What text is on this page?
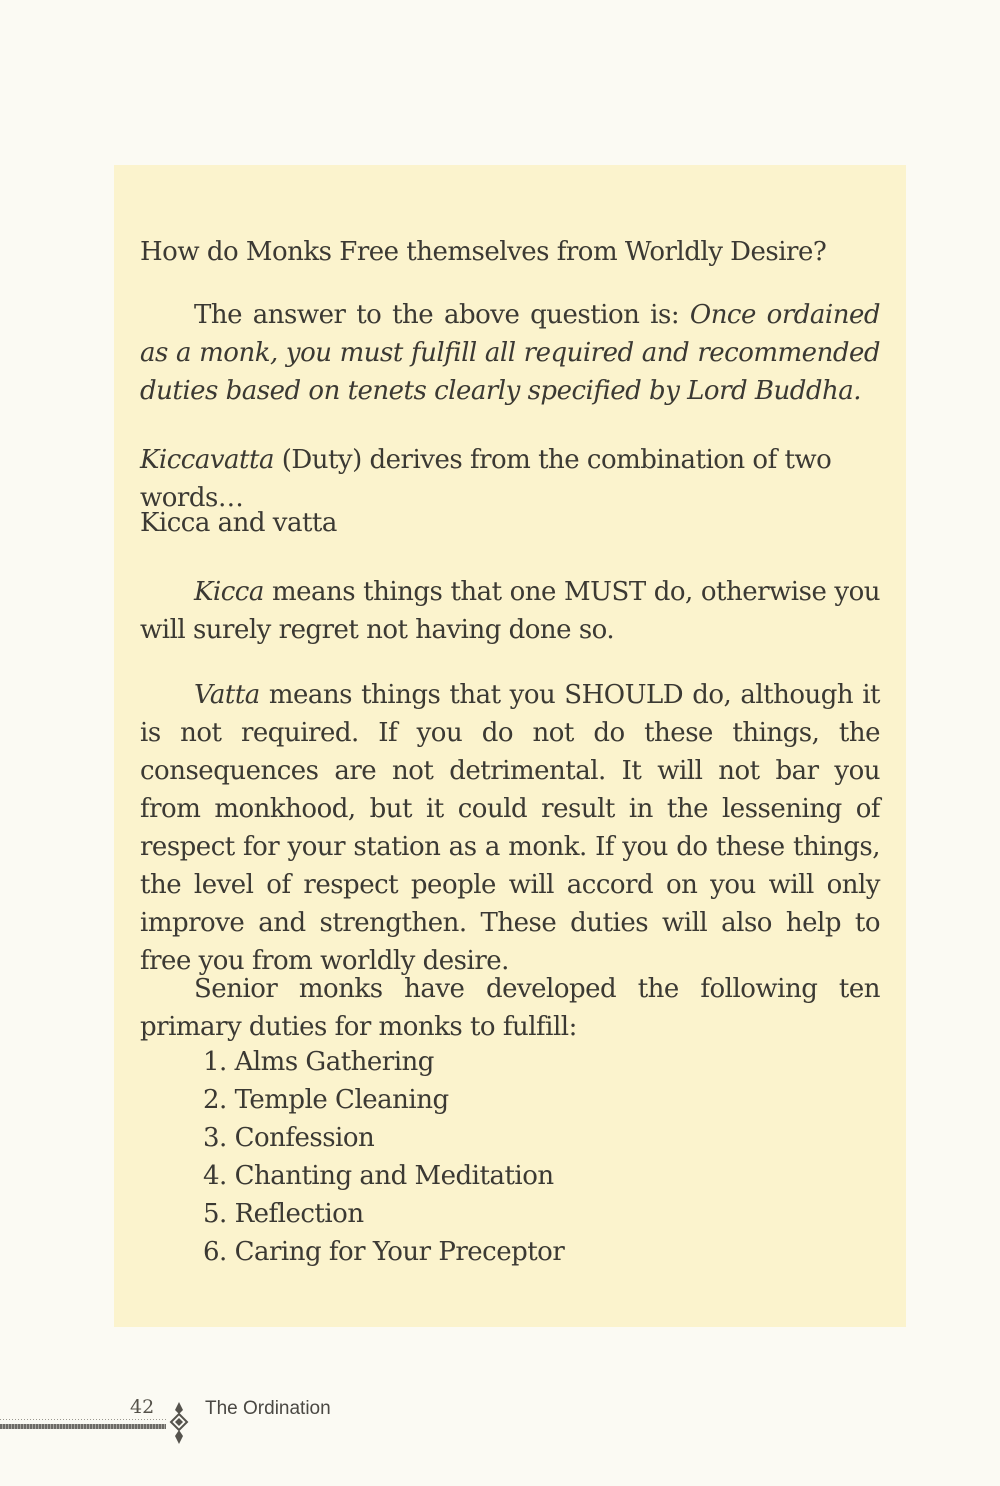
How do Monks Free themselves from Worldly Desire?

The answer to the above question is: Once ordained as a monk, you must fulfill all required and recommended duties based on tenets clearly specified by Lord Buddha.

Kiccavatta (Duty) derives from the combination of two words…

Kicca and vatta

Kicca means things that one MUST do, otherwise you will surely regret not having done so.

Vatta means things that you SHOULD do, although it is not required. If you do not do these things, the consequences are not detrimental. It will not bar you from monkhood, but it could result in the lessening of respect for your station as a monk. If you do these things, the level of respect people will accord on you will only improve and strengthen. These duties will also help to free you from worldly desire.

Senior monks have developed the following ten primary duties for monks to fulfill:

1. Alms Gathering
2. Temple Cleaning
3. Confession
4. Chanting and Meditation
5. Reflection
6. Caring for Your Preceptor
42	The Ordination
